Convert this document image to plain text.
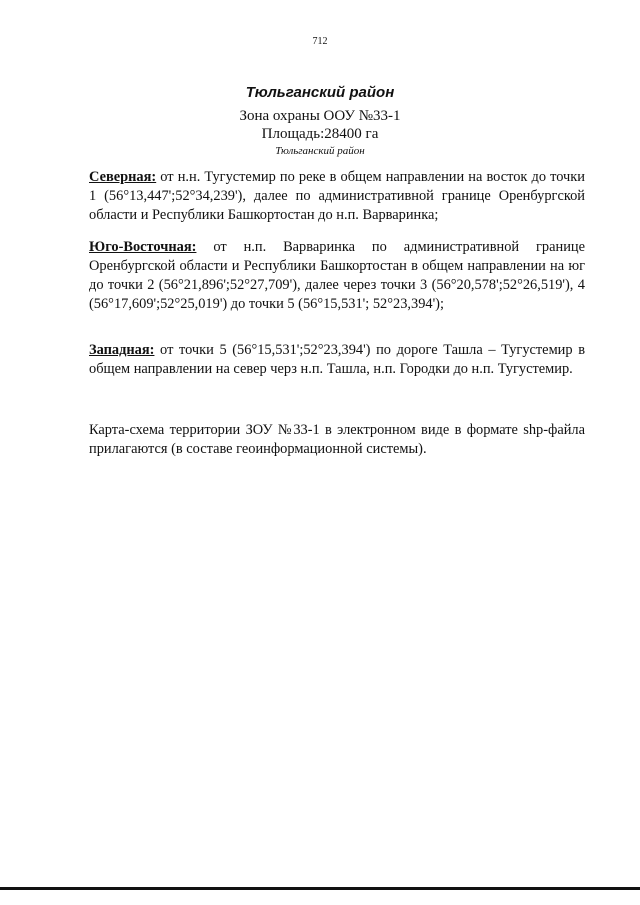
712
Тюльганский район
Зона охраны ООУ №33-1
Площадь:28400 га
Тюльганский район

Северная: от н.н. Тугустемир по реке в общем направлении на восток до точки 1 (56°13,447';52°34,239'), далее по административной границе Оренбургской области и Республики Башкортостан до н.п. Варваринка;

Юго-Восточная: от н.п. Варваринка по административной границе Оренбургской области и Республики Башкортостан в общем направлении на юг до точки 2 (56°21,896';52°27,709'), далее через точки 3 (56°20,578';52°26,519'), 4 (56°17,609';52°25,019') до точки 5 (56°15,531'; 52°23,394');

Западная: от точки 5 (56°15,531';52°23,394') по дороге Ташла – Тугустемир в общем направлении на север черз н.п. Ташла, н.п. Городки до н.п. Тугустемир.

Карта-схема территории ЗОУ №33-1 в электронном виде в формате shp-файла прилагаются (в составе геоинформационной системы).
